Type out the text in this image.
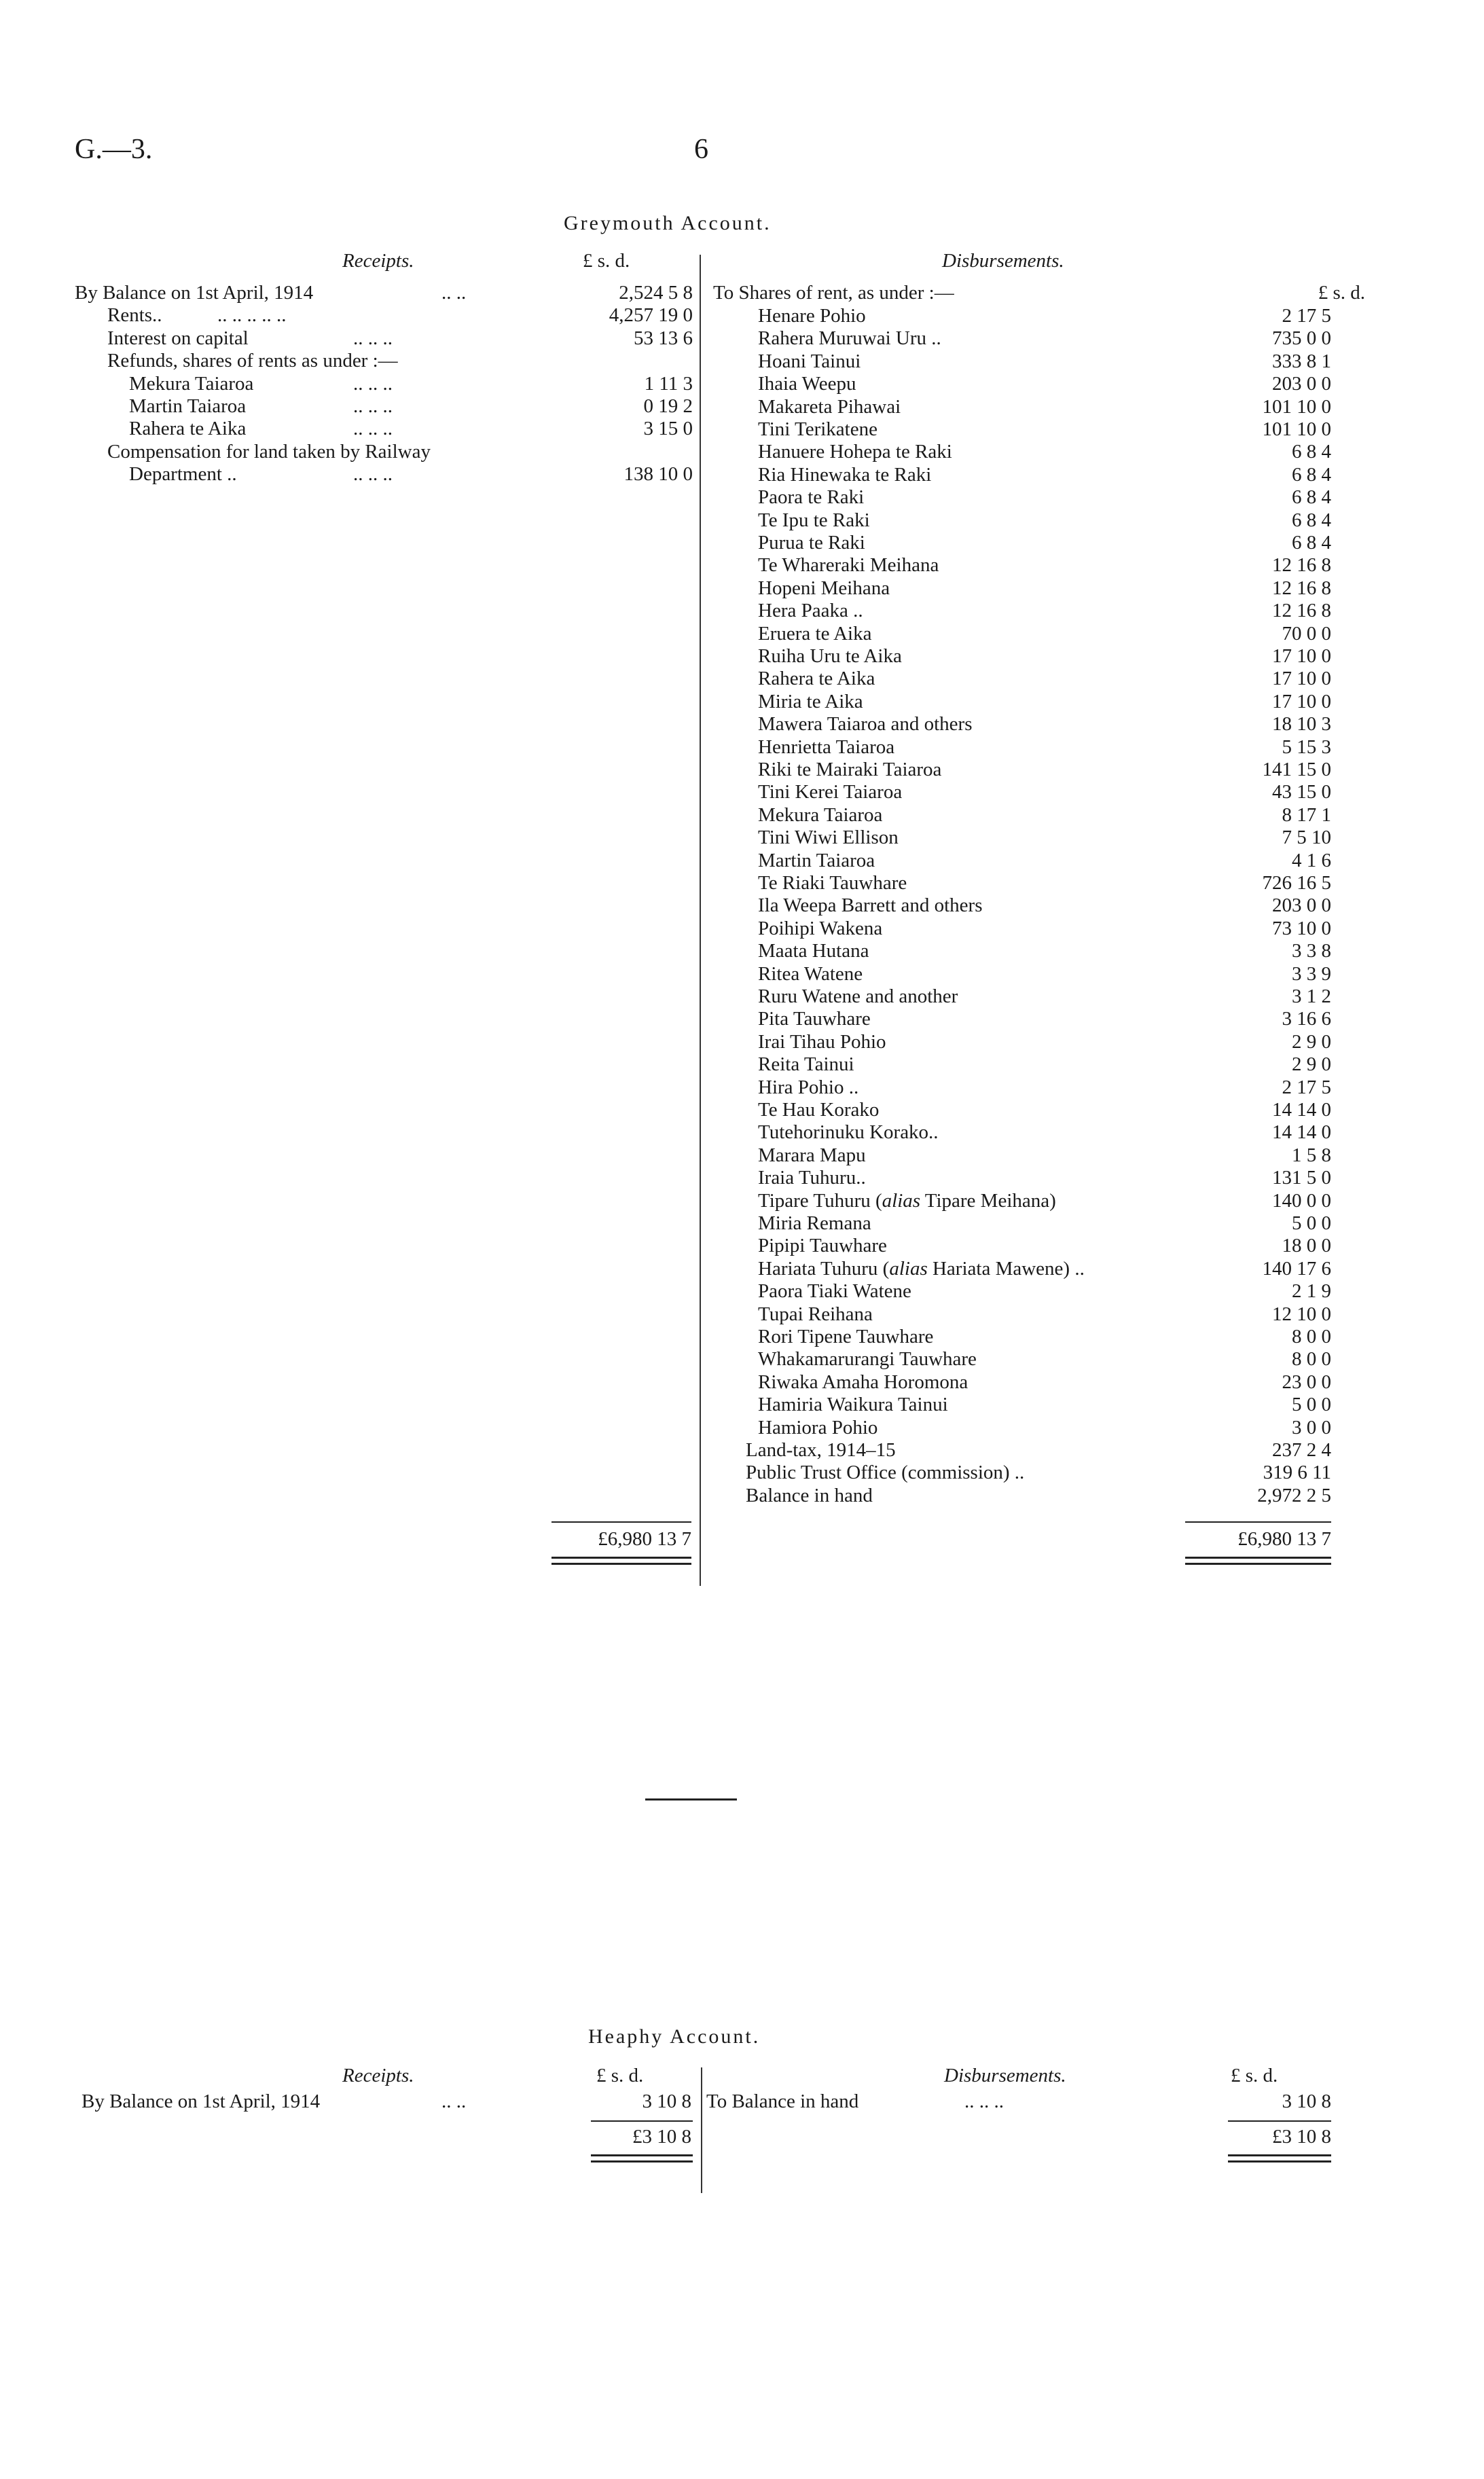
G.—3.	6
Greymouth Account.
Receipts.	Disbursements.
£ s. d.
By Balance on 1st April, 1914	.. ..	2,524 5 8
Rents..	.. .. .. .. ..	4,257 19 0
Interest on capital	.. .. ..	53 13 6
Refunds, shares of rents as under :—
Mekura Taiaroa	.. .. ..	1 11 3
Martin Taiaroa	.. .. ..	0 19 2
Rahera te Aika	.. .. ..	3 15 0
Compensation for land taken by Railway
Department ..	.. .. ..	138 10 0
£6,980 13 7
To Shares of rent, as under :—	£ s. d.
Henare Pohio	2 17 5
Rahera Muruwai Uru ..	735 0 0
Hoani Tainui	333 8 1
Ihaia Weepu	203 0 0
Makareta Pihawai	101 10 0
Tini Terikatene	101 10 0
Hanuere Hohepa te Raki	6 8 4
Ria Hinewaka te Raki	6 8 4
Paora te Raki	6 8 4
Te Ipu te Raki	6 8 4
Purua te Raki	6 8 4
Te Whareraki Meihana	12 16 8
Hopeni Meihana	12 16 8
Hera Paaka ..	12 16 8
Eruera te Aika	70 0 0
Ruiha Uru te Aika	17 10 0
Rahera te Aika	17 10 0
Miria te Aika	17 10 0
Mawera Taiaroa and others	18 10 3
Henrietta Taiaroa	5 15 3
Riki te Mairaki Taiaroa	141 15 0
Tini Kerei Taiaroa	43 15 0
Mekura Taiaroa	8 17 1
Tini Wiwi Ellison	7 5 10
Martin Taiaroa	4 1 6
Te Riaki Tauwhare	726 16 5
Ila Weepa Barrett and others	203 0 0
Poihipi Wakena	73 10 0
Maata Hutana	3 3 8
Ritea Watene	3 3 9
Ruru Watene and another	3 1 2
Pita Tauwhare	3 16 6
Irai Tihau Pohio	2 9 0
Reita Tainui	2 9 0
Hira Pohio ..	2 17 5
Te Hau Korako	14 14 0
Tutehorinuku Korako..	14 14 0
Marara Mapu	1 5 8
Iraia Tuhuru..	131 5 0
Tipare Tuhuru (alias Tipare Meihana)	140 0 0
Miria Remana	5 0 0
Pipipi Tauwhare	18 0 0
Hariata Tuhuru (alias Hariata Mawene) ..	140 17 6
Paora Tiaki Watene	2 1 9
Tupai Reihana	12 10 0
Rori Tipene Tauwhare	8 0 0
Whakamarurangi Tauwhare	8 0 0
Riwaka Amaha Horomona	23 0 0
Hamiria Waikura Tainui	5 0 0
Hamiora Pohio	3 0 0
Land-tax, 1914–15	237 2 4
Public Trust Office (commission) ..	319 6 11
Balance in hand	2,972 2 5
£6,980 13 7
Heaphy Account.
Receipts.	Disbursements.
£ s. d.	£ s. d.
By Balance on 1st April, 1914	.. ..	3 10 8 To Balance in hand	.. .. ..	3 10 8
£3 10 8	£3 10 8
